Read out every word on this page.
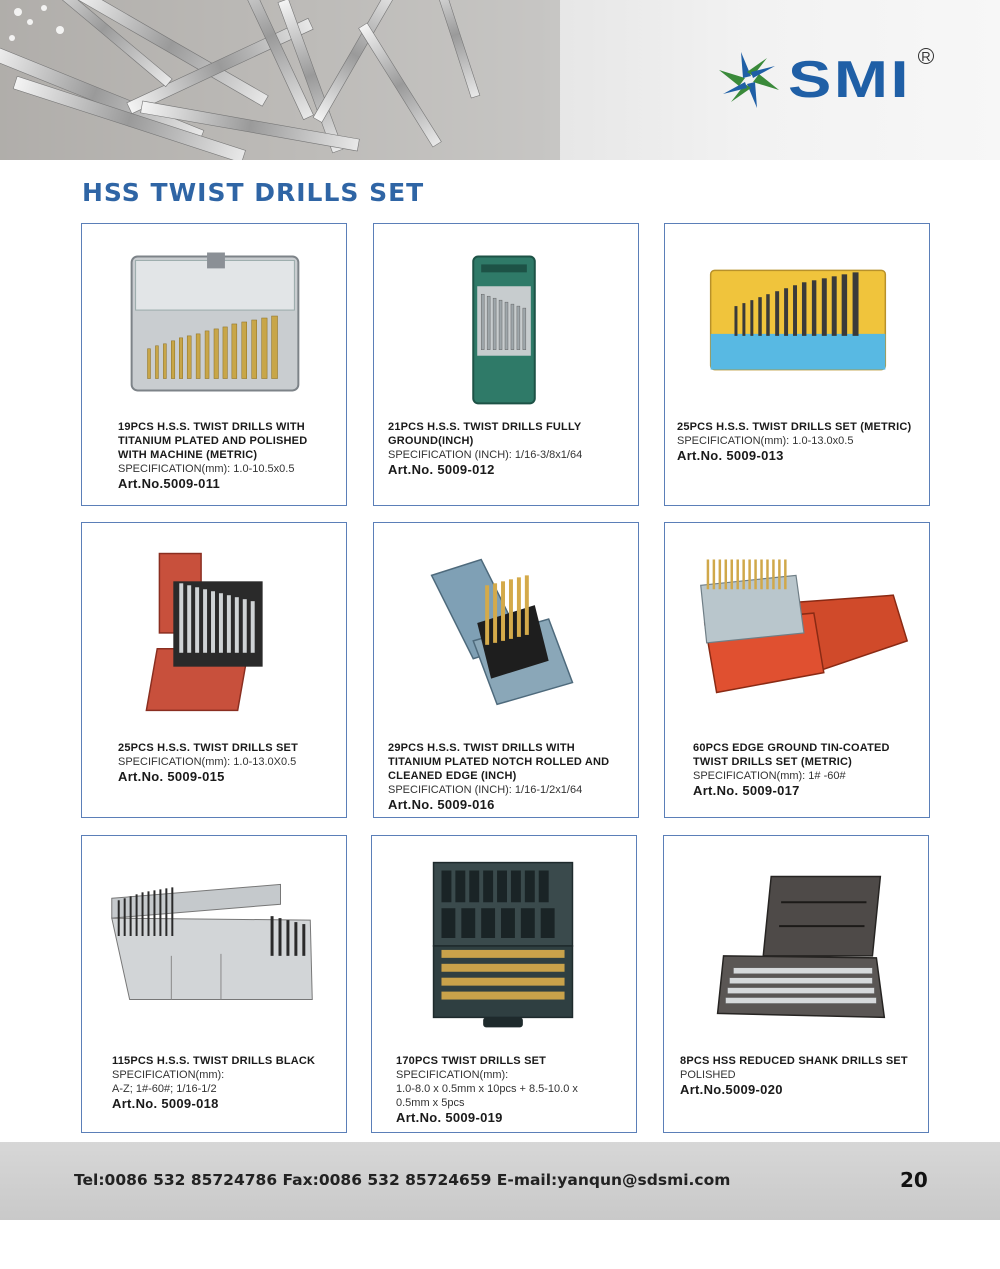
SMI R
HSS TWIST DRILLS SET
19PCS H.S.S. TWIST DRILLS WITH
TITANIUM PLATED AND POLISHED
WITH MACHINE (METRIC)
SPECIFICATION(mm): 1.0-10.5x0.5
Art.No.5009-011
21PCS H.S.S. TWIST DRILLS FULLY
GROUND(INCH)
SPECIFICATION (INCH): 1/16-3/8x1/64
Art.No. 5009-012
25PCS H.S.S. TWIST DRILLS SET (METRIC)
SPECIFICATION(mm): 1.0-13.0x0.5
Art.No. 5009-013
25PCS H.S.S. TWIST DRILLS SET
SPECIFICATION(mm): 1.0-13.0X0.5
Art.No. 5009-015
29PCS H.S.S. TWIST DRILLS WITH
TITANIUM PLATED NOTCH ROLLED AND
CLEANED EDGE (INCH)
SPECIFICATION (INCH): 1/16-1/2x1/64
Art.No. 5009-016
60PCS EDGE GROUND TIN-COATED
TWIST DRILLS SET (METRIC)
SPECIFICATION(mm): 1# -60#
Art.No. 5009-017
115PCS H.S.S. TWIST DRILLS BLACK
SPECIFICATION(mm):
A-Z; 1#-60#; 1/16-1/2
Art.No. 5009-018
170PCS TWIST DRILLS SET
SPECIFICATION(mm):
1.0-8.0 x 0.5mm x 10pcs + 8.5-10.0 x
0.5mm x 5pcs
Art.No. 5009-019
8PCS HSS REDUCED SHANK DRILLS SET
POLISHED
Art.No.5009-020
Tel:0086 532 85724786 Fax:0086 532 85724659 E-mail:yanqun@sdsmi.com	20
